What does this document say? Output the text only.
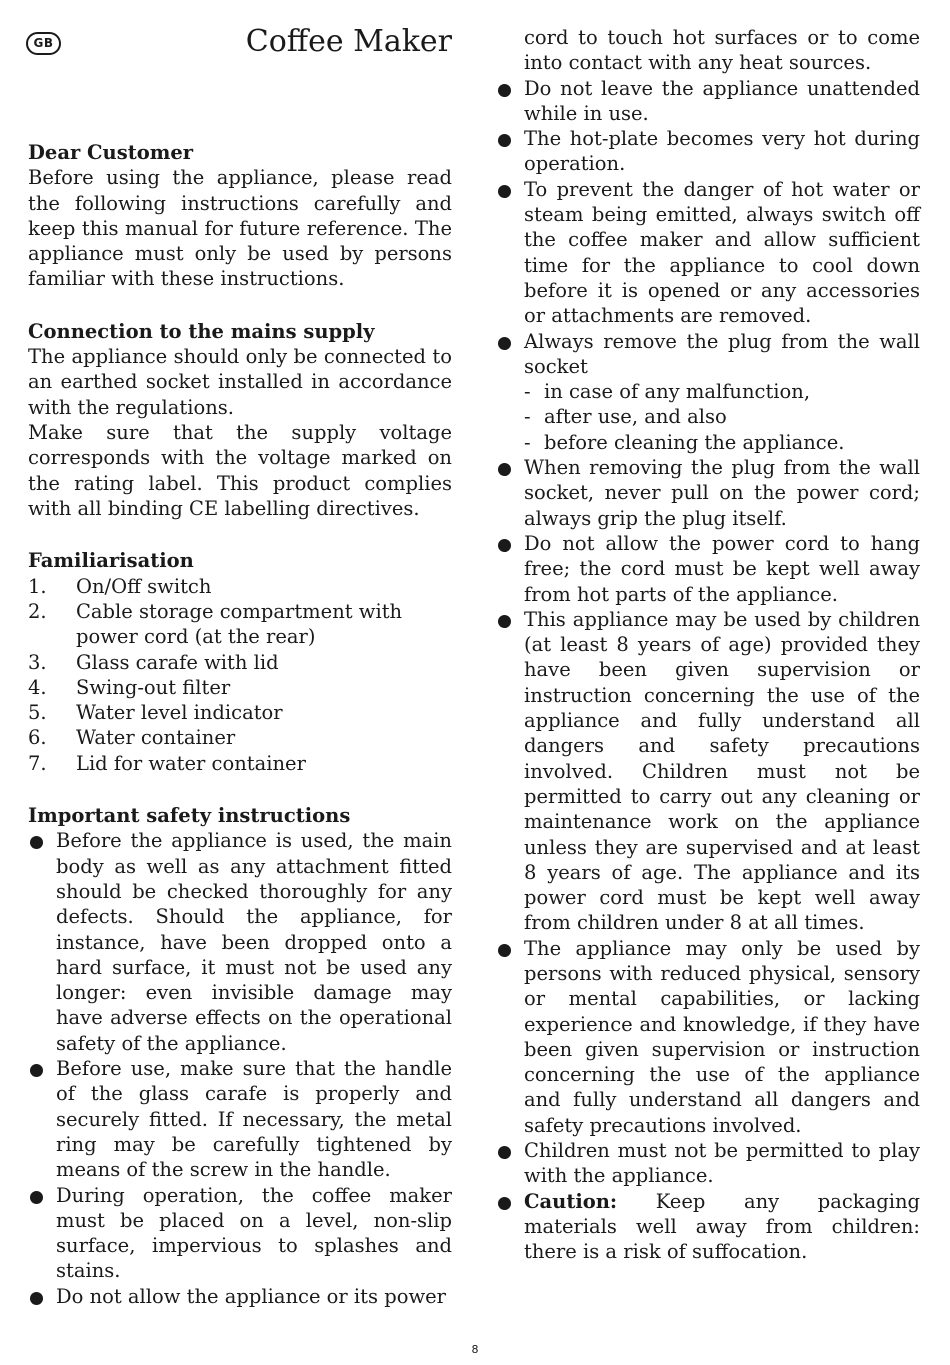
GB	Coffee Maker
Dear Customer

Before using the appliance, please read the following instructions carefully and keep this manual for future reference. The appliance must only be used by persons familiar with these instructions.

Connection to the mains supply

The appliance should only be connected to an earthed socket installed in accordance with the regulations.

Make sure that the supply voltage corresponds with the voltage marked on the rating label. This product complies with all binding CE labelling directives.

Familiarisation
1.	On/Off switch
2.	Cable storage compartment with power cord (at the rear)
3.	Glass carafe with lid
4.	Swing-out filter
5.	Water level indicator
6.	Water container
7.	Lid for water container
Important safety instructions
Before the appliance is used, the main body as well as any attachment fitted should be checked thoroughly for any defects. Should the appliance, for instance, have been dropped onto a hard surface, it must not be used any longer: even invisible damage may have adverse effects on the operational safety of the appliance.
Before use, make sure that the handle of the glass carafe is properly and securely fitted. If necessary, the metal ring may be carefully tightened by means of the screw in the handle.
During operation, the coffee maker must be placed on a level, non-slip surface, impervious to splashes and stains.
Do not allow the appliance or its power

cord to touch hot surfaces or to come into contact with any heat sources.

Do not leave the appliance unattended while in use.
The hot-plate becomes very hot during operation.
To prevent the danger of hot water or steam being emitted, always switch off the coffee maker and allow sufficient time for the appliance to cool down before it is opened or any accessories or attachments are removed.
Always remove the plug from the wall socket
- in case of any malfunction,
- after use, and also
- before cleaning the appliance.
When removing the plug from the wall socket, never pull on the power cord; always grip the plug itself.
Do not allow the power cord to hang free; the cord must be kept well away from hot parts of the appliance.
This appliance may be used by children (at least 8 years of age) provided they have been given supervision or instruction concerning the use of the appliance and fully understand all dangers and safety precautions involved. Children must not be permitted to carry out any cleaning or maintenance work on the appliance unless they are supervised and at least 8 years of age. The appliance and its power cord must be kept well away from children under 8 at all times.
The appliance may only be used by persons with reduced physical, sensory or mental capabilities, or lacking experience and knowledge, if they have been given supervision or instruction concerning the use of the appliance and fully understand all dangers and safety precautions involved.
Children must not be permitted to play with the appliance.
Caution: Keep any packaging materials well away from children: there is a risk of suffocation.
8
